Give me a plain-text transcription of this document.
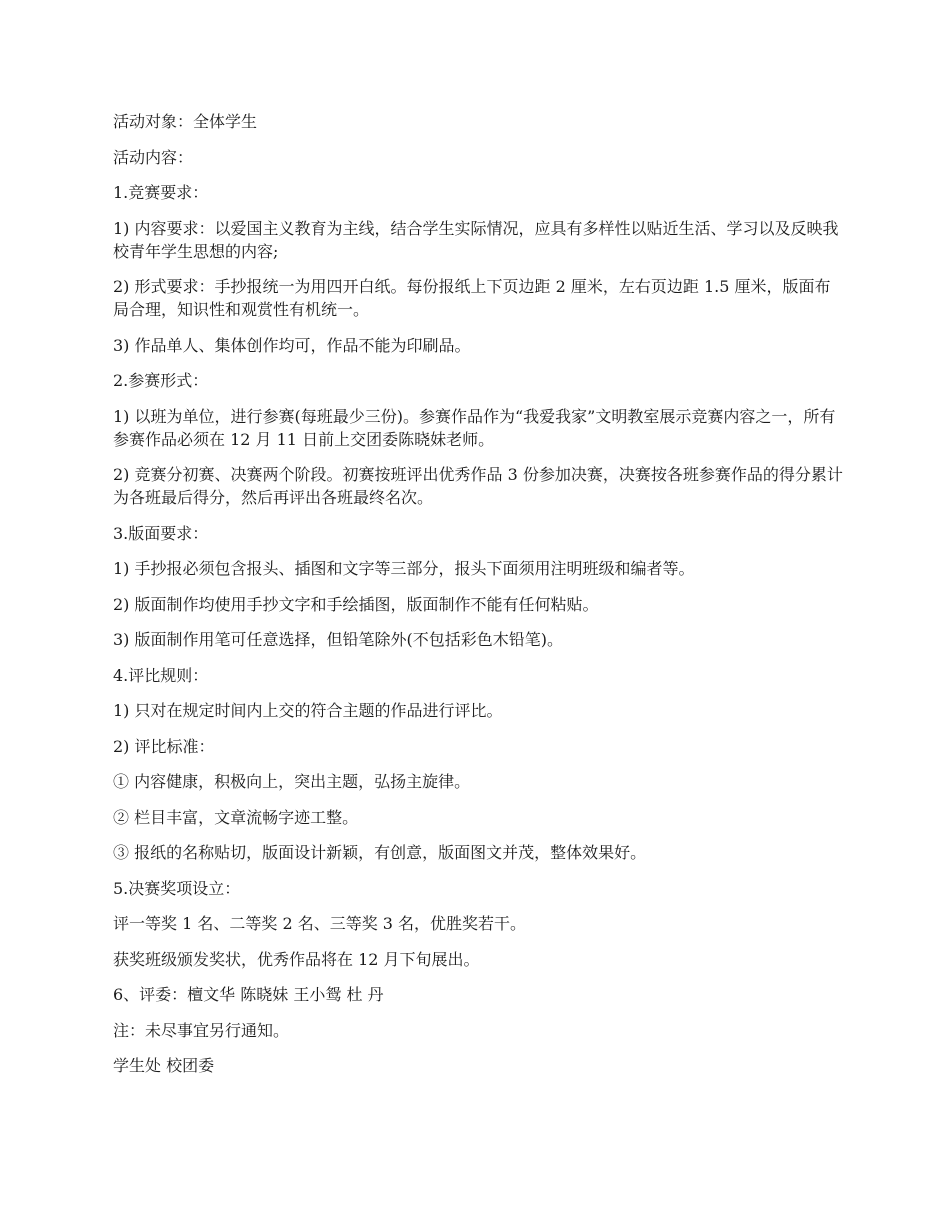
活动对象：全体学生

活动内容：

1.竞赛要求：

1) 内容要求：以爱国主义教育为主线，结合学生实际情况，应具有多样性以贴近生活、学习以及反映我校青年学生思想的内容;

2) 形式要求：手抄报统一为用四开白纸。每份报纸上下页边距 2 厘米，左右页边距 1.5 厘米，版面布局合理，知识性和观赏性有机统一。

3) 作品单人、集体创作均可，作品不能为印刷品。

2.参赛形式：

1) 以班为单位，进行参赛(每班最少三份)。参赛作品作为“我爱我家”文明教室展示竞赛内容之一，所有参赛作品必须在 12 月 11 日前上交团委陈晓妹老师。

2) 竞赛分初赛、决赛两个阶段。初赛按班评出优秀作品 3 份参加决赛，决赛按各班参赛作品的得分累计为各班最后得分，然后再评出各班最终名次。

3.版面要求：

1) 手抄报必须包含报头、插图和文字等三部分，报头下面须用注明班级和编者等。

2) 版面制作均使用手抄文字和手绘插图，版面制作不能有任何粘贴。

3) 版面制作用笔可任意选择，但铅笔除外(不包括彩色木铅笔)。

4.评比规则：

1) 只对在规定时间内上交的符合主题的作品进行评比。

2) 评比标准：

① 内容健康，积极向上，突出主题，弘扬主旋律。

② 栏目丰富，文章流畅字迹工整。

③ 报纸的名称贴切，版面设计新颖，有创意，版面图文并茂，整体效果好。

5.决赛奖项设立：

评一等奖 1 名、二等奖 2 名、三等奖 3 名，优胜奖若干。

获奖班级颁发奖状，优秀作品将在 12 月下旬展出。

6、评委：檀文华 陈晓妹 王小鸳 杜 丹

注：未尽事宜另行通知。

学生处 校团委
